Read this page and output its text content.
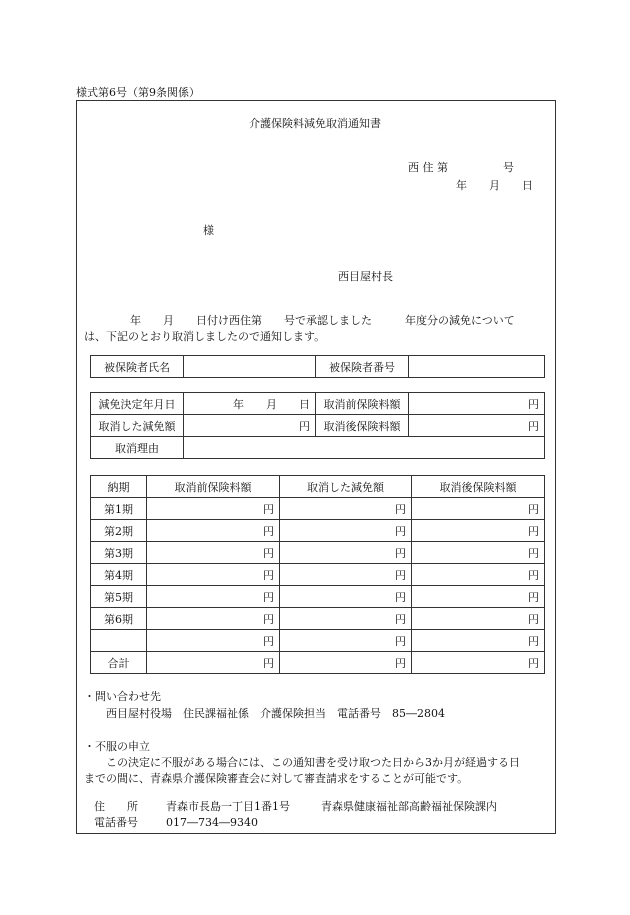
様式第6号（第9条関係）
介護保険料減免取消通知書
西 住 第　　　　　号
年　　月　　日
様
西目屋村長
年　　月　　日付け西住第　　号で承認しました　　　年度分の減免について
は、下記のとおり取消しましたので通知します。
被保険者氏名		被保険者番号	
減免決定年月日	年　　月　　日	取消前保険料額	円
取消した減免額	円	取消後保険料額	円
取消理由			
納期	取消前保険料額	取消した減免額	取消後保険料額
第1期	円	円	円
第2期	円	円	円
第3期	円	円	円
第4期	円	円	円
第5期	円	円	円
第6期	円	円	円
	円	円	円
合計	円	円	円
・問い合わせ先
西目屋村役場　住民課福祉係　介護保険担当　電話番号　85―2804
・不服の申立
この決定に不服がある場合には、この通知書を受け取つた日から3か月が経過する日
までの間に、青森県介護保険審査会に対して審査請求をすることが可能です。
住　　所	青森市長島一丁目1番1号	青森県健康福祉部高齢福祉保険課内
電話番号	017―734―9340
